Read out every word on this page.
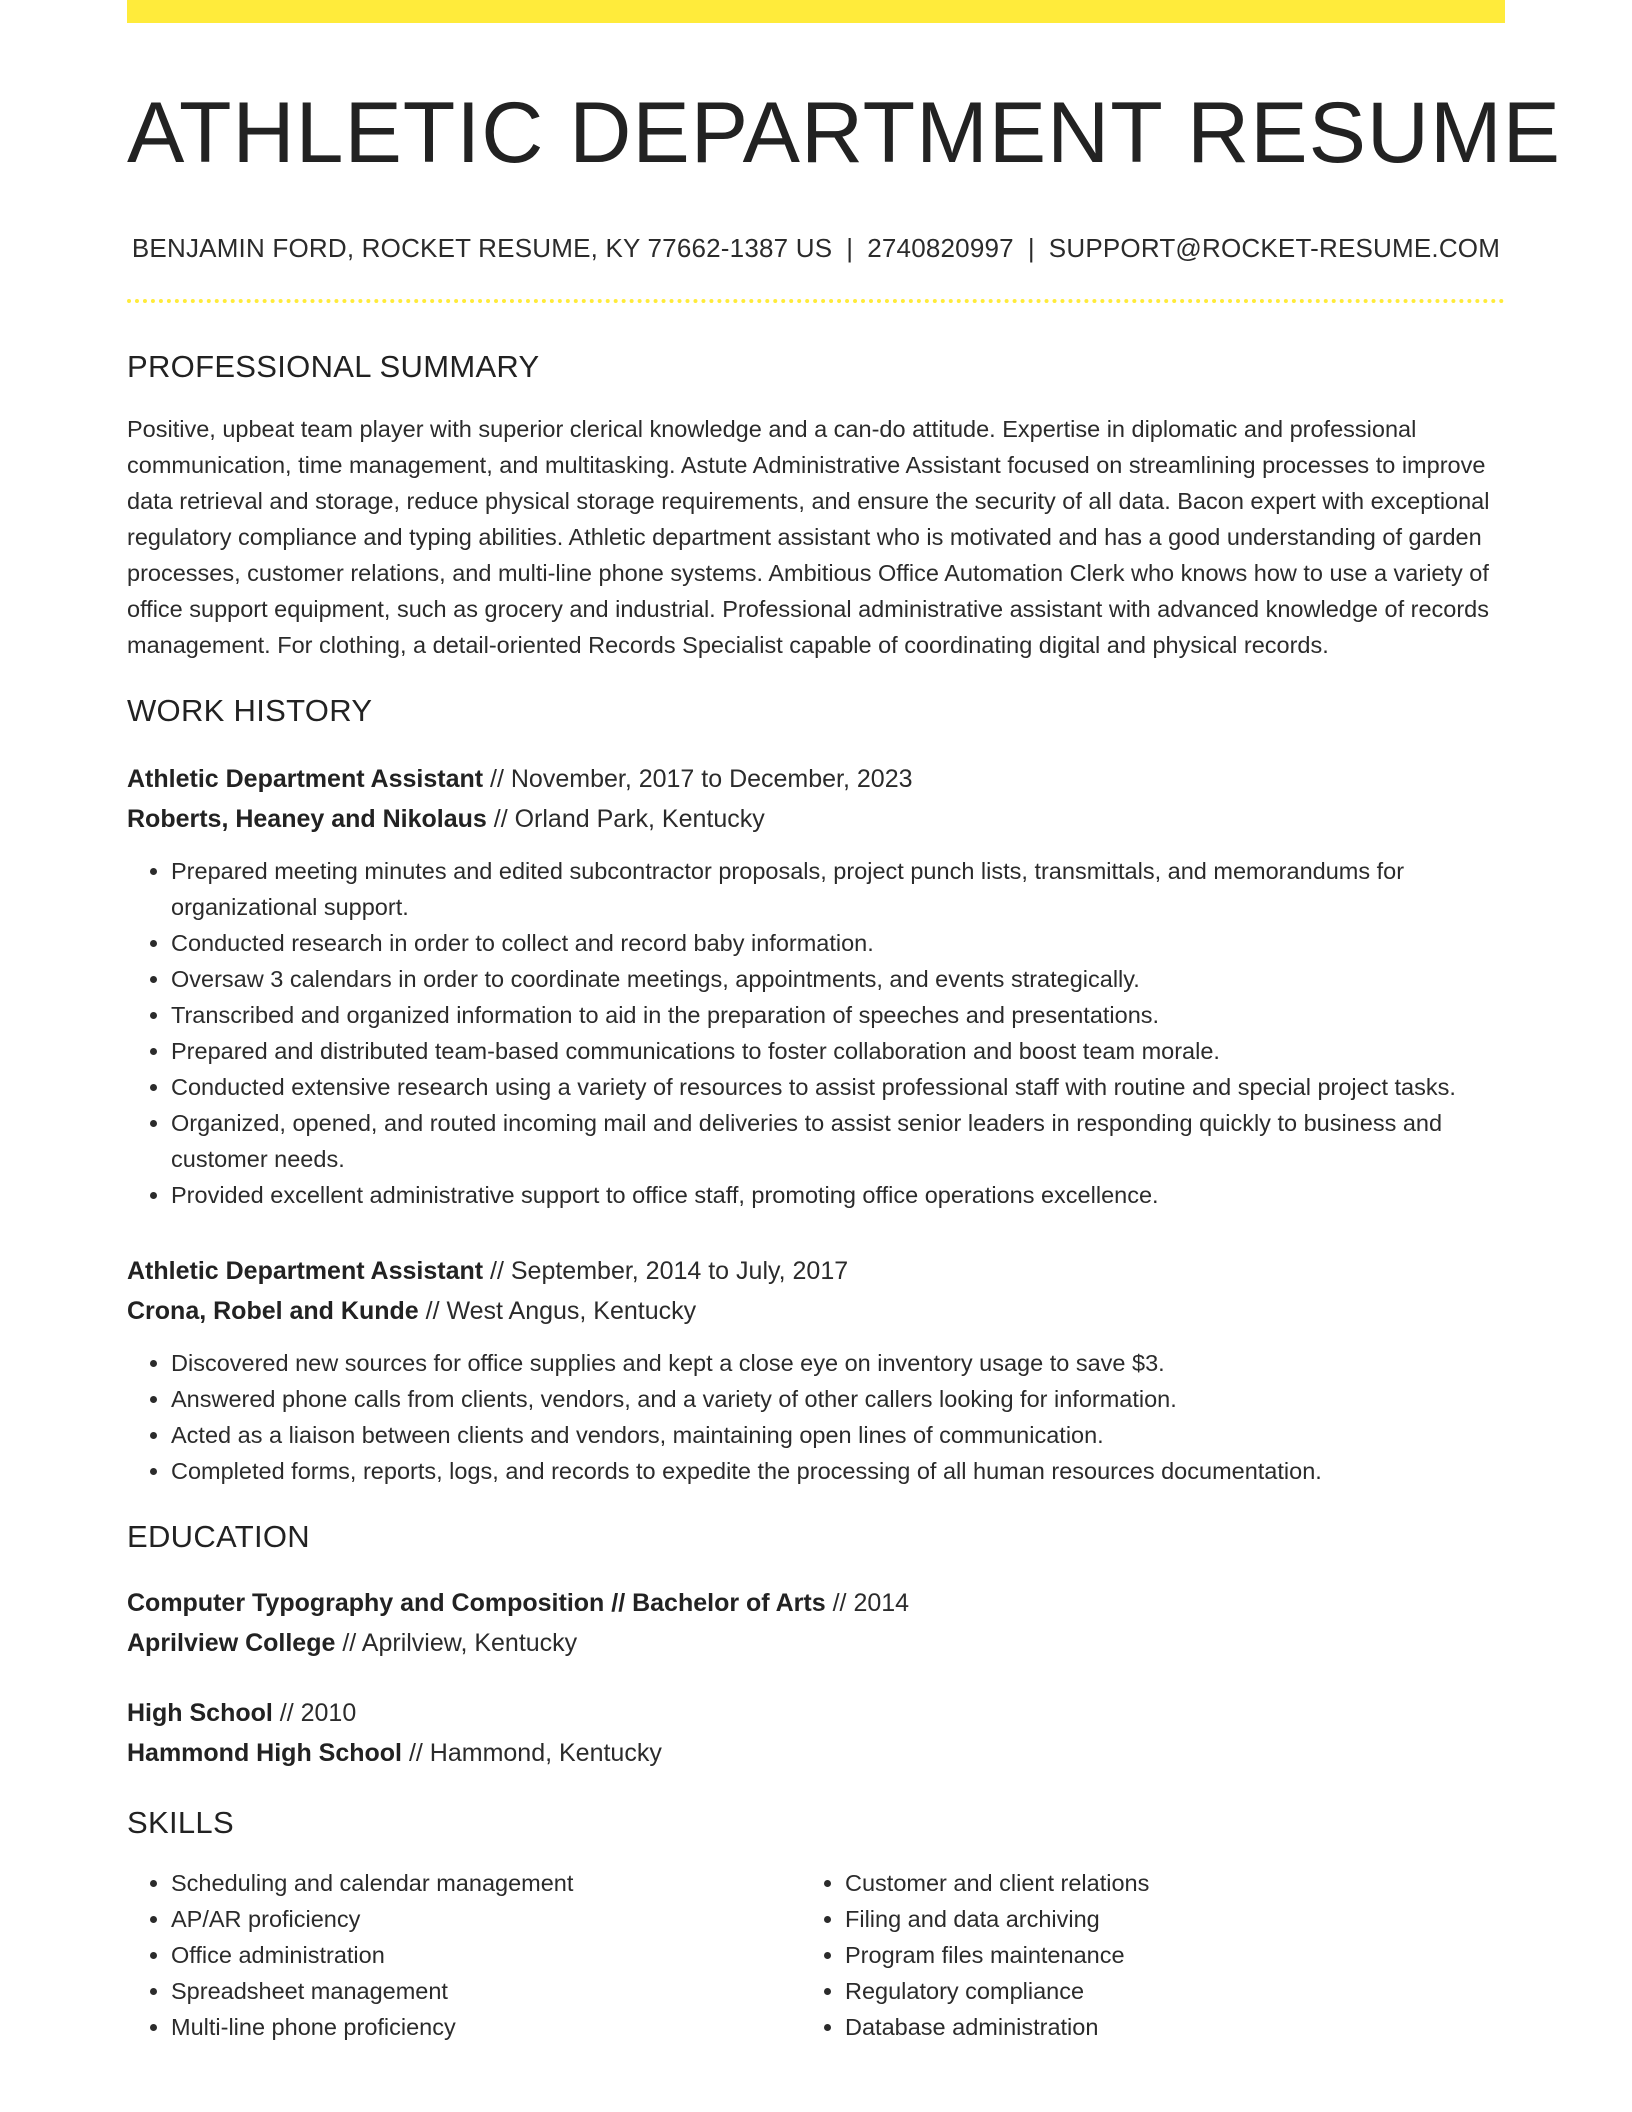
ATHLETIC DEPARTMENT RESUME
BENJAMIN FORD, ROCKET RESUME, KY 77662-1387 US | 2740820997 | SUPPORT@ROCKET-RESUME.COM
PROFESSIONAL SUMMARY

Positive, upbeat team player with superior clerical knowledge and a can-do attitude. Expertise in diplomatic and professional communication, time management, and multitasking. Astute Administrative Assistant focused on streamlining processes to improve data retrieval and storage, reduce physical storage requirements, and ensure the security of all data. Bacon expert with exceptional regulatory compliance and typing abilities. Athletic department assistant who is motivated and has a good understanding of garden processes, customer relations, and multi-line phone systems. Ambitious Office Automation Clerk who knows how to use a variety of office support equipment, such as grocery and industrial. Professional administrative assistant with advanced knowledge of records management. For clothing, a detail-oriented Records Specialist capable of coordinating digital and physical records.

WORK HISTORY
Athletic Department Assistant // November, 2017 to December, 2023
Roberts, Heaney and Nikolaus // Orland Park, Kentucky
• Prepared meeting minutes and edited subcontractor proposals, project punch lists, transmittals, and memorandums for organizational support.
• Conducted research in order to collect and record baby information.
• Oversaw 3 calendars in order to coordinate meetings, appointments, and events strategically.
• Transcribed and organized information to aid in the preparation of speeches and presentations.
• Prepared and distributed team-based communications to foster collaboration and boost team morale.
• Conducted extensive research using a variety of resources to assist professional staff with routine and special project tasks.
• Organized, opened, and routed incoming mail and deliveries to assist senior leaders in responding quickly to business and customer needs.
• Provided excellent administrative support to office staff, promoting office operations excellence.
Athletic Department Assistant // September, 2014 to July, 2017
Crona, Robel and Kunde // West Angus, Kentucky
• Discovered new sources for office supplies and kept a close eye on inventory usage to save $3.
• Answered phone calls from clients, vendors, and a variety of other callers looking for information.
• Acted as a liaison between clients and vendors, maintaining open lines of communication.
• Completed forms, reports, logs, and records to expedite the processing of all human resources documentation.
EDUCATION
Computer Typography and Composition // Bachelor of Arts // 2014
Aprilview College // Aprilview, Kentucky
High School // 2010
Hammond High School // Hammond, Kentucky
SKILLS
• Scheduling and calendar management
• AP/AR proficiency
• Office administration
• Spreadsheet management
• Multi-line phone proficiency
• Customer and client relations
• Filing and data archiving
• Program files maintenance
• Regulatory compliance
• Database administration
